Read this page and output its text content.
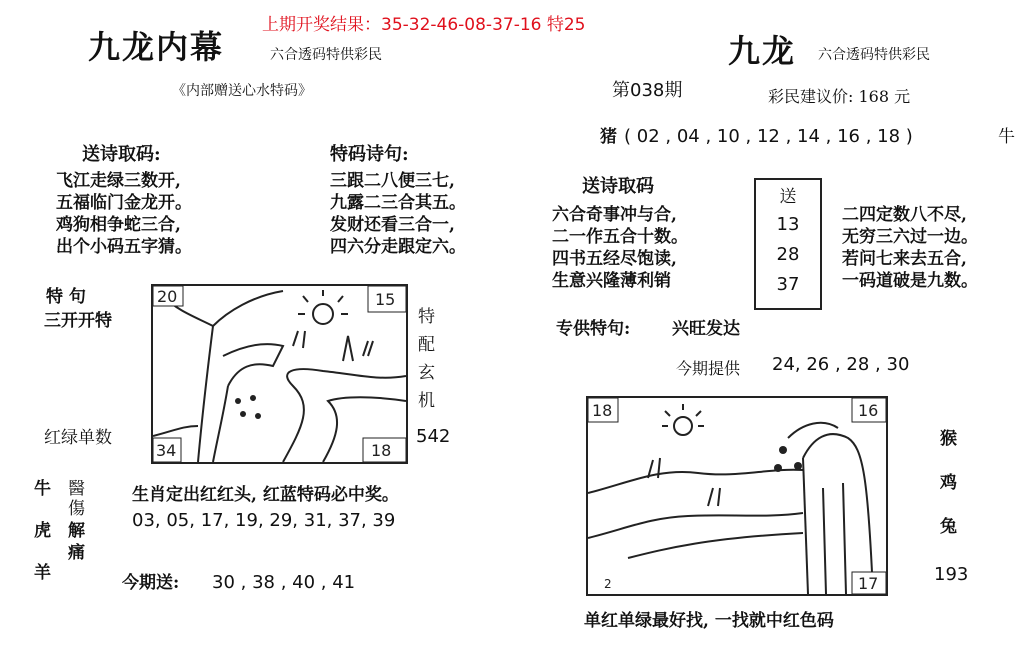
上期开奖结果：35-32-46-08-37-16 特25
九龙内幕	六合透码特供彩民
《内部赠送心水特码》
送诗取码:
飞江走绿三数开,
五福临门金龙开。
鸡狗相争蛇三合,
出个小码五字猜。
特码诗句:
三跟二八便三七,
九露二三合其五。
发财还看三合一,
四六分走跟定六。
特 句
三开开特
红绿单数
20	15
34	18
特
配
玄
机
542
牛
虎
羊
醫
傷
解
痛
生肖定出红红头, 红蓝特码必中奖。
03, 05, 17, 19, 29, 31, 37, 39
今期送: 30 , 38 , 40 , 41
九龙 六合透码特供彩民
第038期	彩民建议价: 168 元
猪 ( 02 , 04 , 10 , 12 , 14 , 16 , 18 )	牛
送诗取码
六合奇事冲与合,
二一作五合十数。
四书五经尽饱读,
生意兴隆薄利销
送
13
28
37
二四定数八不尽,
无穷三六过一边。
若问七来去五合,
一码道破是九数。
专供特句: 兴旺发达
今期提供 24, 26 , 28 , 30
18	16
17
2
猴
鸡
兔
193
单红单绿最好找, 一找就中红色码
